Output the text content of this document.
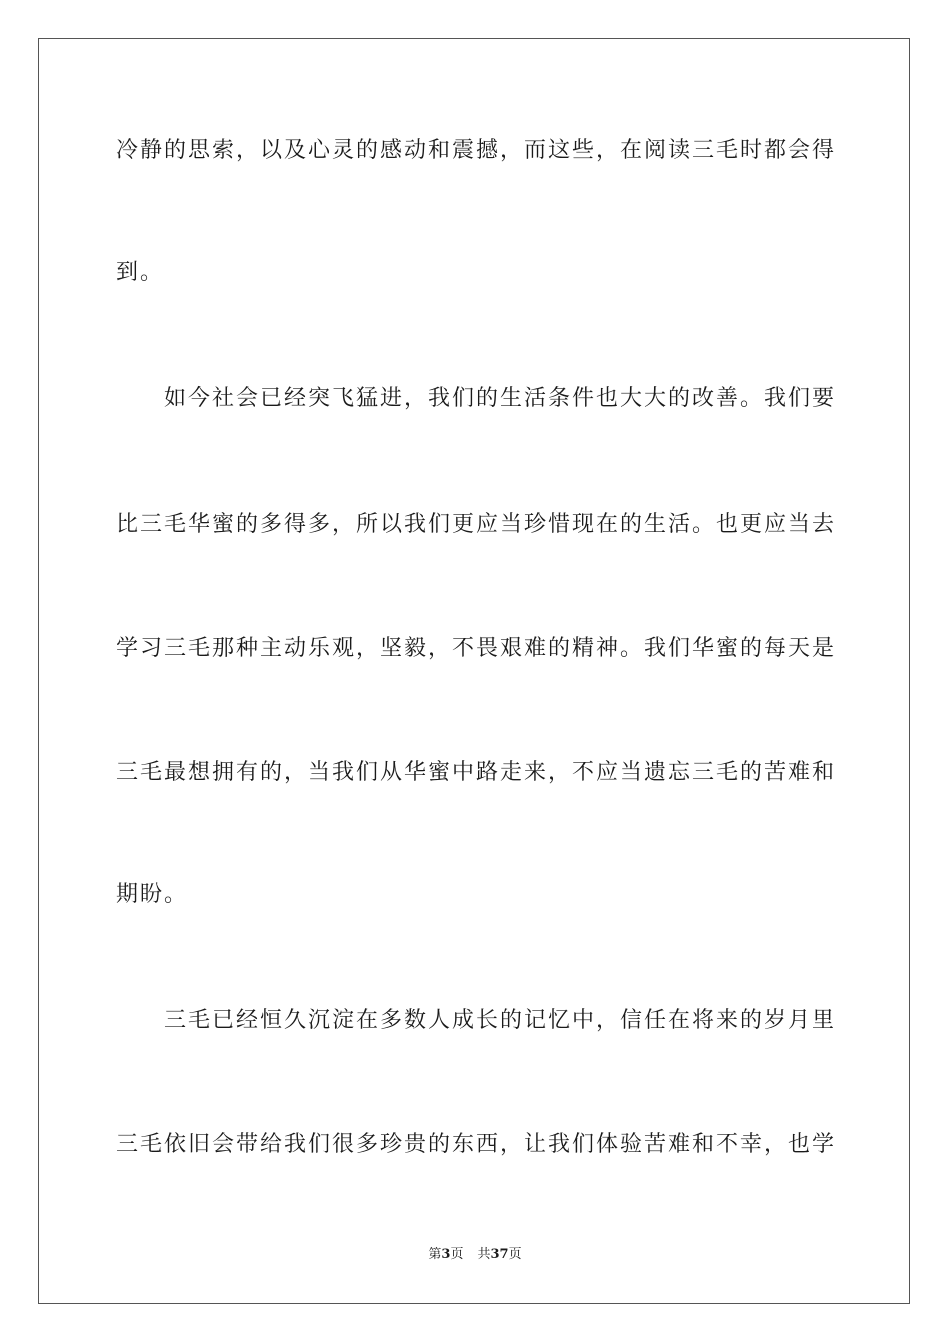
冷静的思索，以及心灵的感动和震撼，而这些，在阅读三毛时都会得
到。
如今社会已经突飞猛进，我们的生活条件也大大的改善。我们要
比三毛华蜜的多得多，所以我们更应当珍惜现在的生活。也更应当去
学习三毛那种主动乐观，坚毅，不畏艰难的精神。我们华蜜的每天是
三毛最想拥有的，当我们从华蜜中路走来，不应当遗忘三毛的苦难和
期盼。
三毛已经恒久沉淀在多数人成长的记忆中，信任在将来的岁月里
三毛依旧会带给我们很多珍贵的东西，让我们体验苦难和不幸，也学
第3页 共37页
